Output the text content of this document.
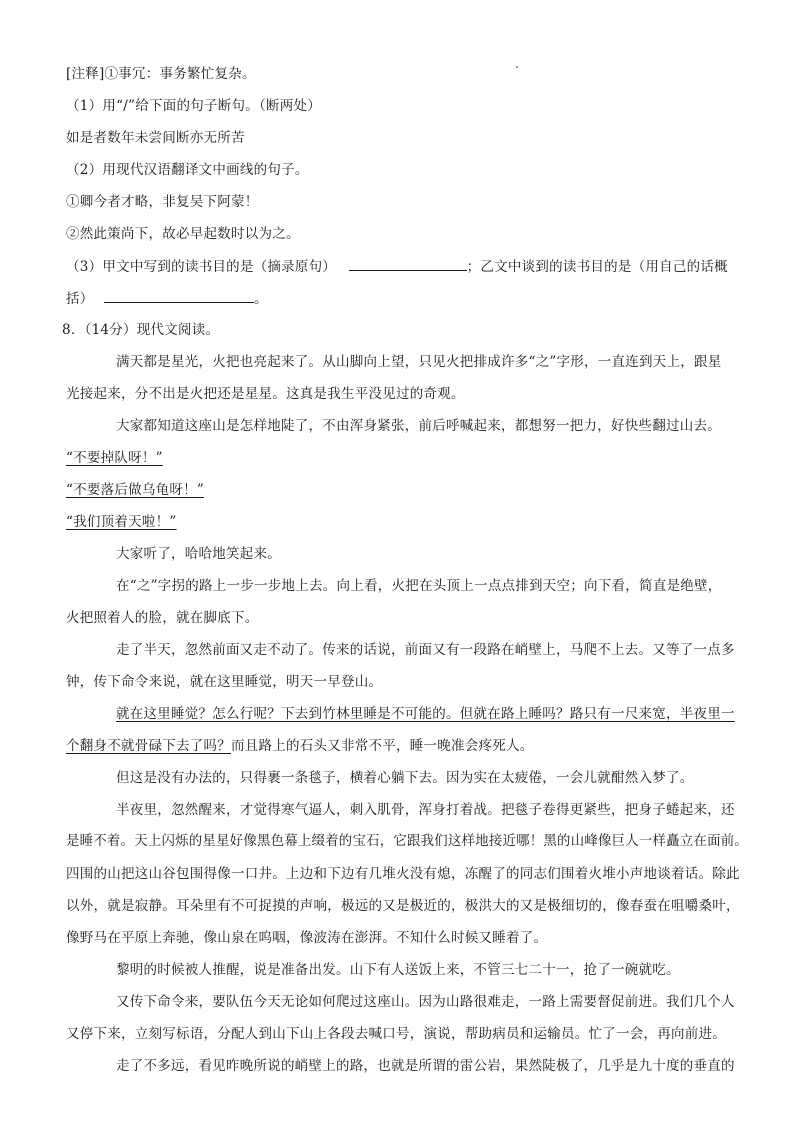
[注释]①事冗：事务繁忙复杂。
（1）用“/”给下面的句子断句。（断两处）
如是者数年未尝间断亦无所苦
（2）用现代汉语翻译文中画线的句子。
①卿今者才略，非复吴下阿蒙！
②然此策尚下，故必早起数时以为之。
（3）甲文中写到的读书目的是（摘录原句）	；乙文中谈到的读书目的是（用自己的话概
括）	。
8．（14分）现代文阅读。
满天都是星光，火把也亮起来了。从山脚向上望，只见火把排成许多“之”字形，一直连到天上，跟星
光接起来，分不出是火把还是星星。这真是我生平没见过的奇观。
大家都知道这座山是怎样地陡了，不由浑身紧张，前后呼喊起来，都想努一把力，好快些翻过山去。
“不要掉队呀！”
“不要落后做乌龟呀！”
“我们顶着天啦！”
大家听了，哈哈地笑起来。
在“之”字拐的路上一步一步地上去。向上看，火把在头顶上一点点排到天空；向下看，简直是绝壁，
火把照着人的脸，就在脚底下。
走了半天，忽然前面又走不动了。传来的话说，前面又有一段路在峭壁上，马爬不上去。又等了一点多
钟，传下命令来说，就在这里睡觉，明天一早登山。
就在这里睡觉？怎么行呢？下去到竹林里睡是不可能的。但就在路上睡吗？路只有一尺来宽，半夜里一
个翻身不就骨碌下去了吗？而且路上的石头又非常不平，睡一晚准会疼死人。
但这是没有办法的，只得裹一条毯子，横着心躺下去。因为实在太疲倦，一会儿就酣然入梦了。
半夜里，忽然醒来，才觉得寒气逼人，刺入肌骨，浑身打着战。把毯子卷得更紧些，把身子蜷起来，还
是睡不着。天上闪烁的星星好像黑色幕上缀着的宝石，它跟我们这样地接近哪！黑的山峰像巨人一样矗立在面前。
四围的山把这山谷包围得像一口井。上边和下边有几堆火没有熄，冻醒了的同志们围着火堆小声地谈着话。除此
以外，就是寂静。耳朵里有不可捉摸的声响，极远的又是极近的，极洪大的又是极细切的，像春蚕在咀嚼桑叶，
像野马在平原上奔驰，像山泉在呜咽，像波涛在澎湃。不知什么时候又睡着了。
黎明的时候被人推醒，说是准备出发。山下有人送饭上来，不管三七二十一，抢了一碗就吃。
又传下命令来，要队伍今天无论如何爬过这座山。因为山路很难走，一路上需要督促前进。我们几个人
又停下来，立刻写标语，分配人到山下山上各段去喊口号，演说，帮助病员和运输员。忙了一会，再向前进。
走了不多远，看见昨晚所说的峭壁上的路，也就是所谓的雷公岩，果然陡极了，几乎是九十度的垂直的
